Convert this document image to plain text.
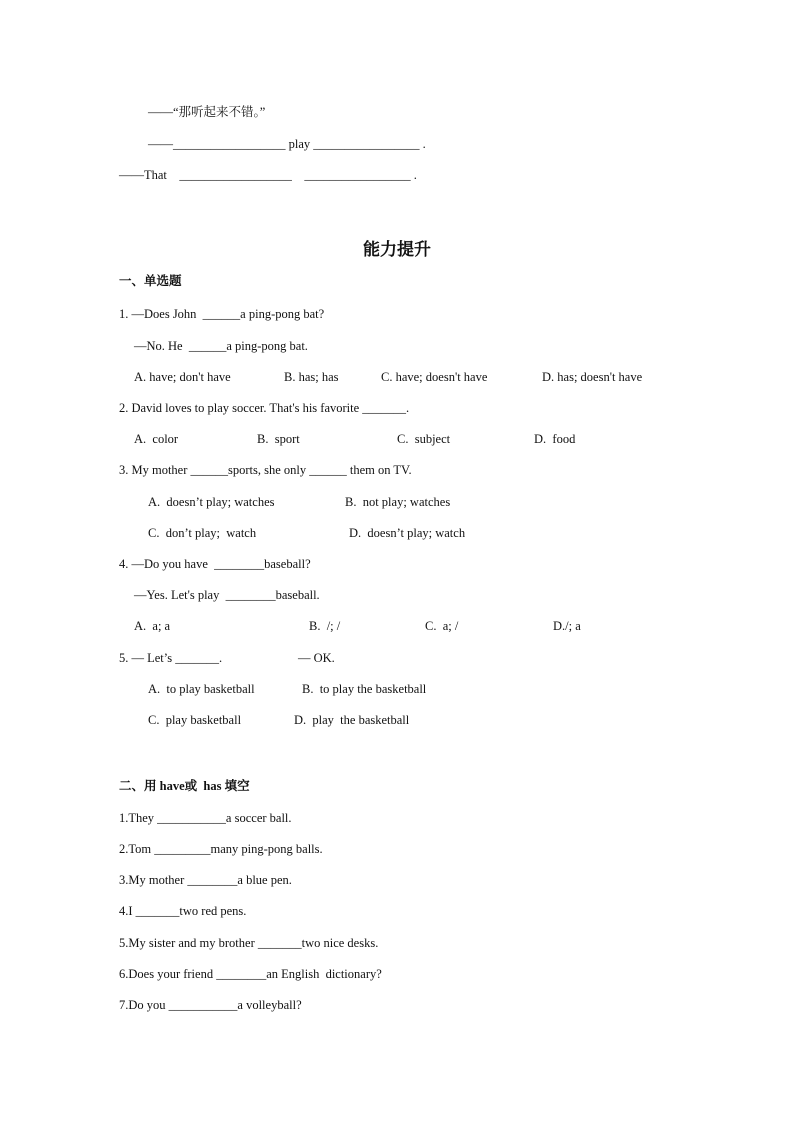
——“那听起来不错。”
——__________________ play _________________ .
——That    __________________    _________________ .
能力提升
一、单选题
1. —Does John  ______a ping-pong bat?
—No. He  ______a ping-pong bat.
A. have; don't have	B. has; has	C. have; doesn't have	D. has; doesn't have
2. David loves to play soccer. That's his favorite _______.
A.  color	B.  sport	C.  subject	D.  food
3. My mother ______sports, she only ______ them on TV.
A.  doesn’t play; watches	B.  not play; watches
C.  don’t play;  watch	D.  doesn’t play; watch
4. —Do you have  ________baseball?
—Yes. Let's play  ________baseball.
A.  a; a	B.  /; /	C.  a; /	D./; a
5. — Let’s _______.	— OK.
A.  to play basketball	B.  to play the basketball
C.  play basketball	D.  play  the basketball
二、用 have或  has 填空
1.They ___________a soccer ball.
2.Tom _________many ping-pong balls.
3.My mother ________a blue pen.
4.I _______two red pens.
5.My sister and my brother _______two nice desks.
6.Does your friend ________an English  dictionary?
7.Do you ___________a volleyball?
